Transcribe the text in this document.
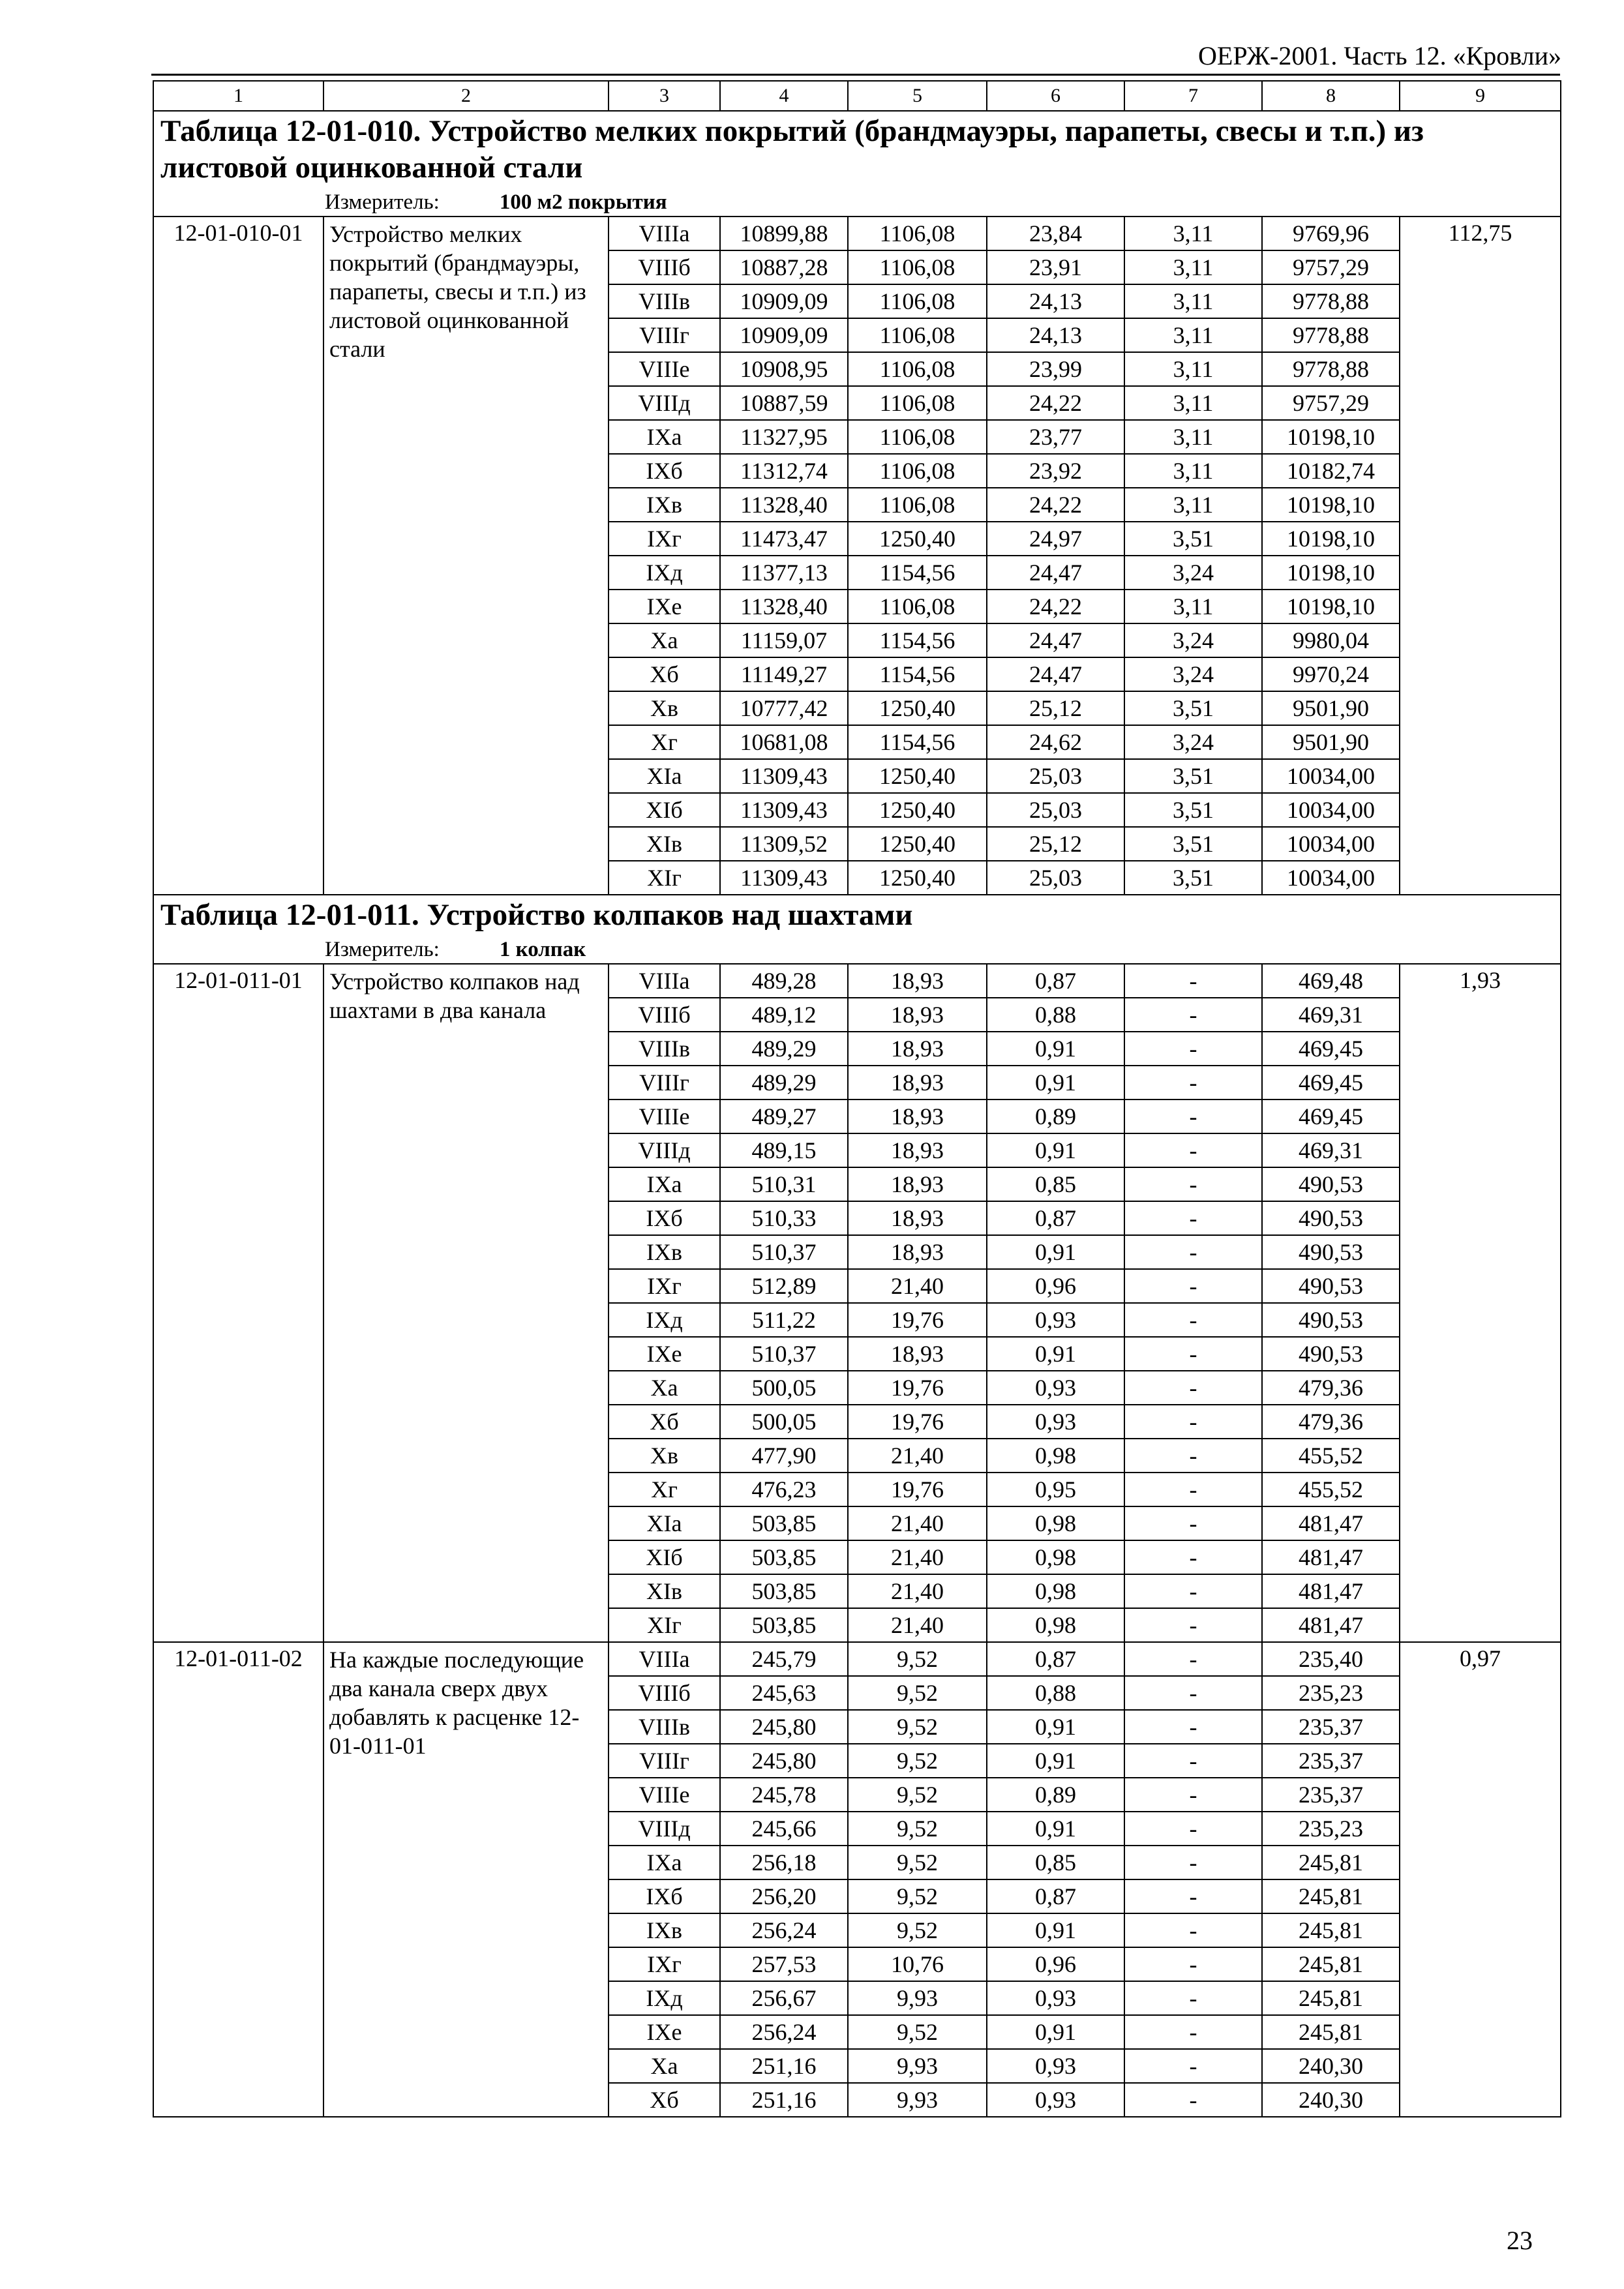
ОЕРЖ-2001. Часть 12. «Кровли»
1	2	3	4	5	6	7	8	9

Таблица 12-01-010. Устройство мелких покрытий (брандмауэры, парапеты, свесы и т.п.) из листовой оцинкованной стали
Измеритель: 100 м2 покрытия								

12-01-010-01	Устройство мелких покрытий (брандмауэры, парапеты, свесы и т.п.) из листовой оцинкованной стали	VIIIа	10899,88	1106,08	23,84	3,11	9769,96	112,75
		VIIIб	10887,28	1106,08	23,91	3,11	9757,29	
		VIIIв	10909,09	1106,08	24,13	3,11	9778,88	
		VIIIг	10909,09	1106,08	24,13	3,11	9778,88	
		VIIIе	10908,95	1106,08	23,99	3,11	9778,88	
		VIIIд	10887,59	1106,08	24,22	3,11	9757,29	
		IXа	11327,95	1106,08	23,77	3,11	10198,10	
		IXб	11312,74	1106,08	23,92	3,11	10182,74	
		IXв	11328,40	1106,08	24,22	3,11	10198,10	
		IXг	11473,47	1250,40	24,97	3,51	10198,10	
		IXд	11377,13	1154,56	24,47	3,24	10198,10	
		IXе	11328,40	1106,08	24,22	3,11	10198,10	
		Xа	11159,07	1154,56	24,47	3,24	9980,04	
		Xб	11149,27	1154,56	24,47	3,24	9970,24	
		Xв	10777,42	1250,40	25,12	3,51	9501,90	
		Xг	10681,08	1154,56	24,62	3,24	9501,90	
		XIа	11309,43	1250,40	25,03	3,51	10034,00	
		XIб	11309,43	1250,40	25,03	3,51	10034,00	
		XIв	11309,52	1250,40	25,12	3,51	10034,00	
		XIг	11309,43	1250,40	25,03	3,51	10034,00	

Таблица 12-01-011. Устройство колпаков над шахтами
Измеритель: 1 колпак								

12-01-011-01	Устройство колпаков над шахтами в два канала	VIIIа	489,28	18,93	0,87	-	469,48	1,93
		VIIIб	489,12	18,93	0,88	-	469,31	
		VIIIв	489,29	18,93	0,91	-	469,45	
		VIIIг	489,29	18,93	0,91	-	469,45	
		VIIIе	489,27	18,93	0,89	-	469,45	
		VIIIд	489,15	18,93	0,91	-	469,31	
		IXа	510,31	18,93	0,85	-	490,53	
		IXб	510,33	18,93	0,87	-	490,53	
		IXв	510,37	18,93	0,91	-	490,53	
		IXг	512,89	21,40	0,96	-	490,53	
		IXд	511,22	19,76	0,93	-	490,53	
		IXе	510,37	18,93	0,91	-	490,53	
		Xа	500,05	19,76	0,93	-	479,36	
		Xб	500,05	19,76	0,93	-	479,36	
		Xв	477,90	21,40	0,98	-	455,52	
		Xг	476,23	19,76	0,95	-	455,52	
		XIа	503,85	21,40	0,98	-	481,47	
		XIб	503,85	21,40	0,98	-	481,47	
		XIв	503,85	21,40	0,98	-	481,47	
		XIг	503,85	21,40	0,98	-	481,47	
12-01-011-02	На каждые последующие два канала сверх двух добавлять к расценке 12-01-011-01	VIIIа	245,79	9,52	0,87	-	235,40	0,97
		VIIIб	245,63	9,52	0,88	-	235,23	
		VIIIв	245,80	9,52	0,91	-	235,37	
		VIIIг	245,80	9,52	0,91	-	235,37	
		VIIIе	245,78	9,52	0,89	-	235,37	
		VIIIд	245,66	9,52	0,91	-	235,23	
		IXа	256,18	9,52	0,85	-	245,81	
		IXб	256,20	9,52	0,87	-	245,81	
		IXв	256,24	9,52	0,91	-	245,81	
		IXг	257,53	10,76	0,96	-	245,81	
		IXд	256,67	9,93	0,93	-	245,81	
		IXе	256,24	9,52	0,91	-	245,81	
		Xа	251,16	9,93	0,93	-	240,30	
		Xб	251,16	9,93	0,93	-	240,30	
23
